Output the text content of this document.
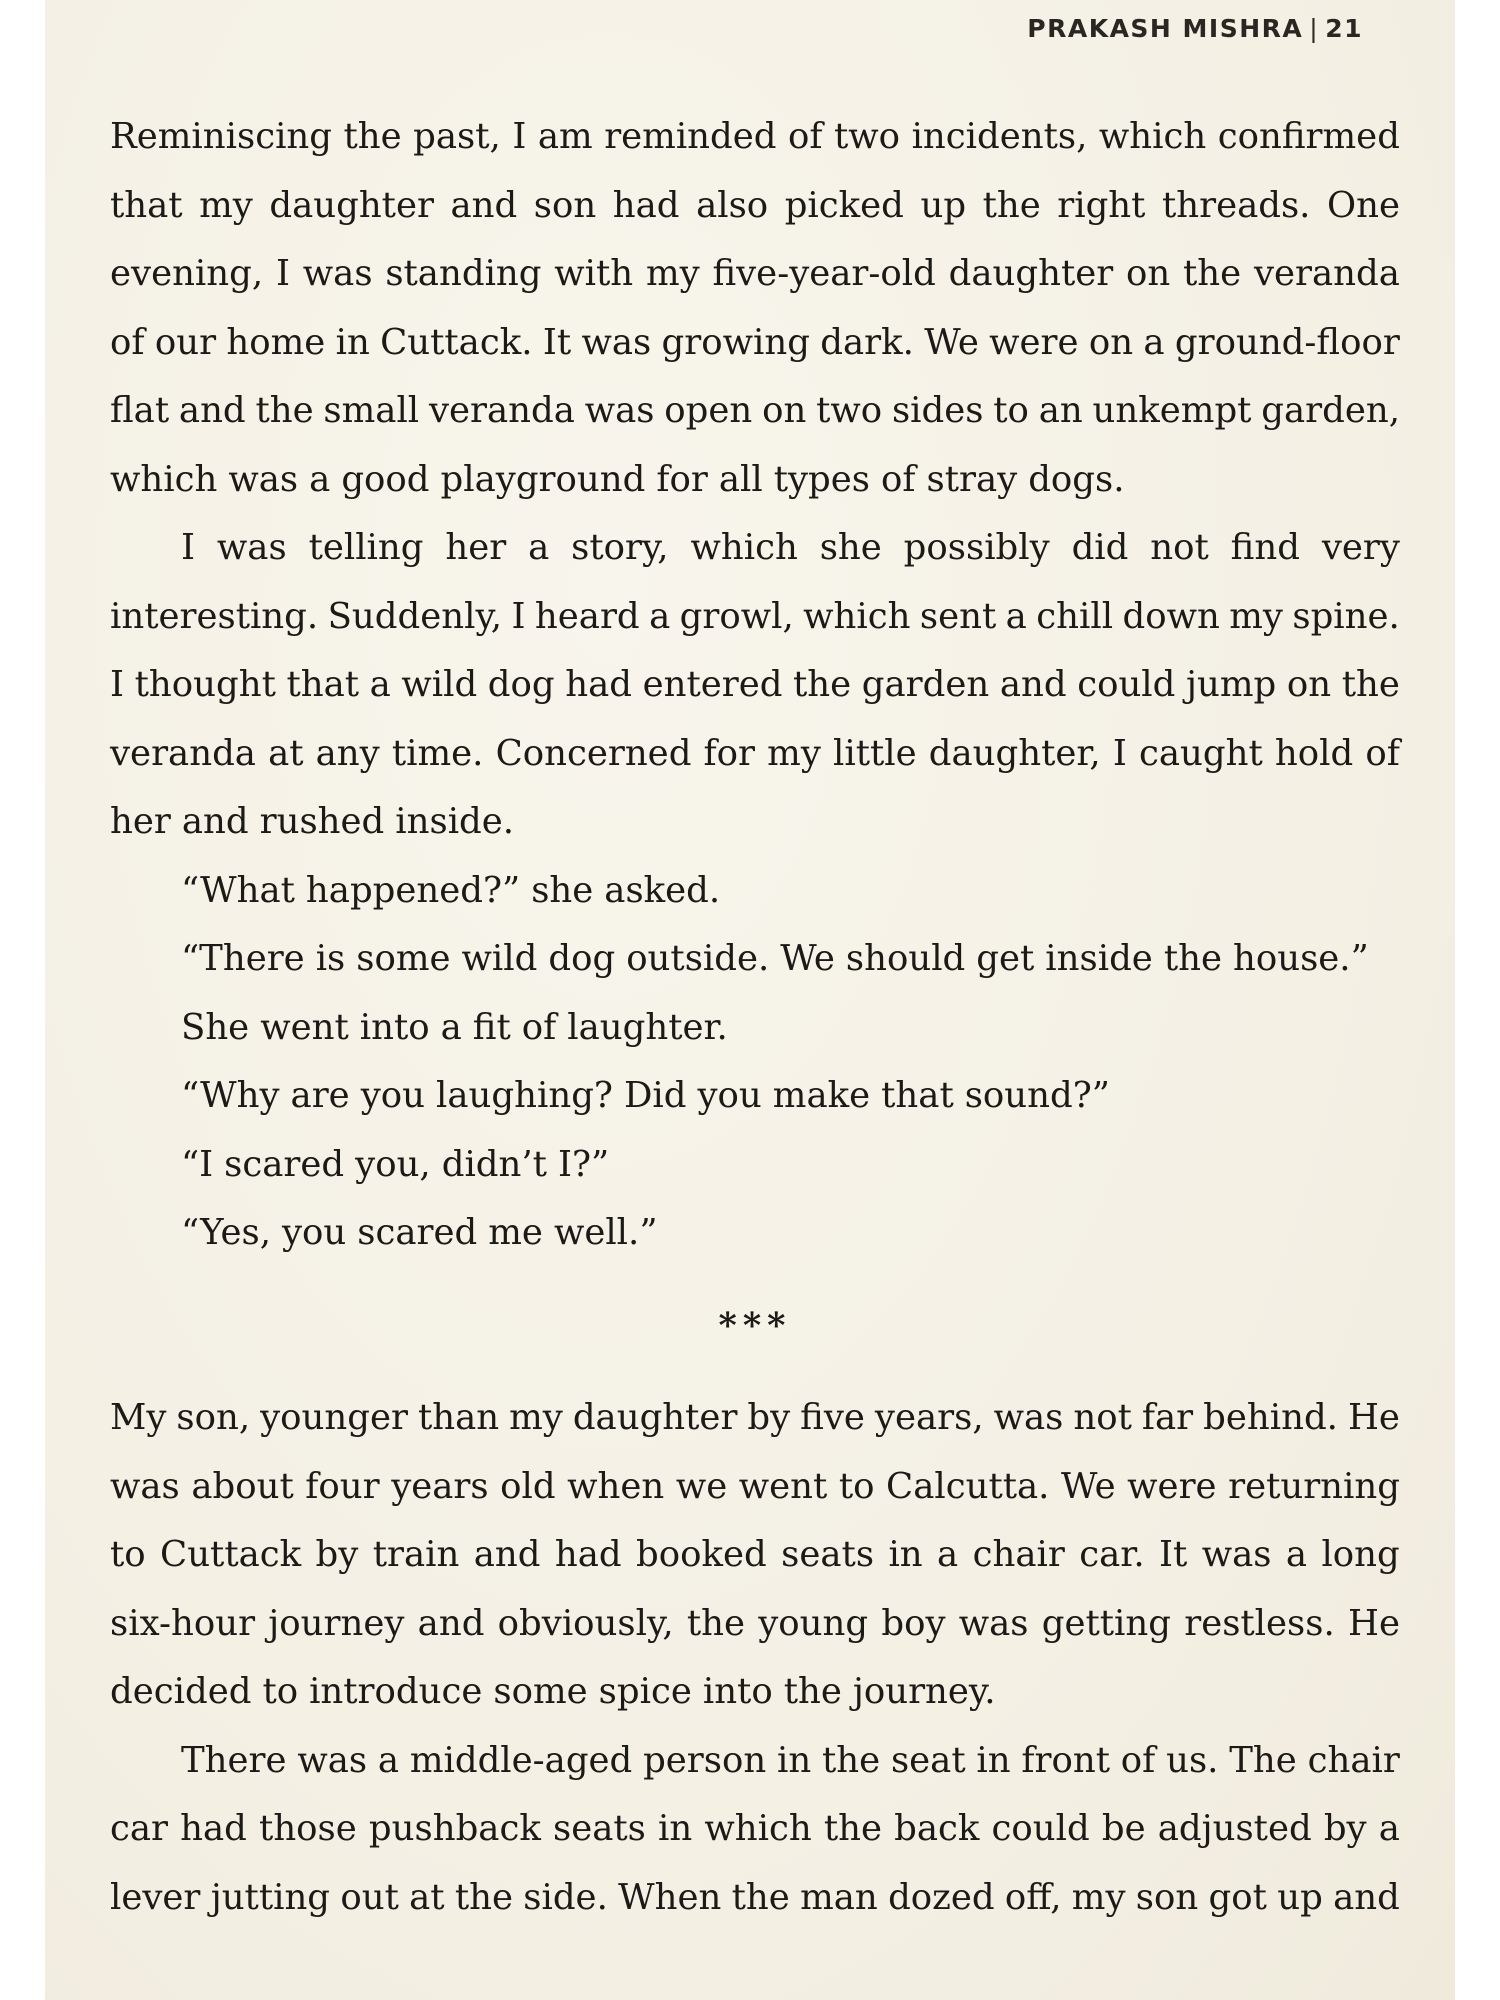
PRAKASH MISHRA | 21
Reminiscing the past, I am reminded of two incidents, which confirmed
that my daughter and son had also picked up the right threads. One
evening, I was standing with my five-year-old daughter on the veranda
of our home in Cuttack. It was growing dark. We were on a ground-floor
flat and the small veranda was open on two sides to an unkempt garden,
which was a good playground for all types of stray dogs.
I was telling her a story, which she possibly did not find very
interesting. Suddenly, I heard a growl, which sent a chill down my spine.
I thought that a wild dog had entered the garden and could jump on the
veranda at any time. Concerned for my little daughter, I caught hold of
her and rushed inside.
“What happened?” she asked.
“There is some wild dog outside. We should get inside the house.”
She went into a fit of laughter.
“Why are you laughing? Did you make that sound?”
“I scared you, didn’t I?”
“Yes, you scared me well.”
***
My son, younger than my daughter by five years, was not far behind. He
was about four years old when we went to Calcutta. We were returning
to Cuttack by train and had booked seats in a chair car. It was a long
six-hour journey and obviously, the young boy was getting restless. He
decided to introduce some spice into the journey.
There was a middle-aged person in the seat in front of us. The chair
car had those pushback seats in which the back could be adjusted by a
lever jutting out at the side. When the man dozed off, my son got up and
